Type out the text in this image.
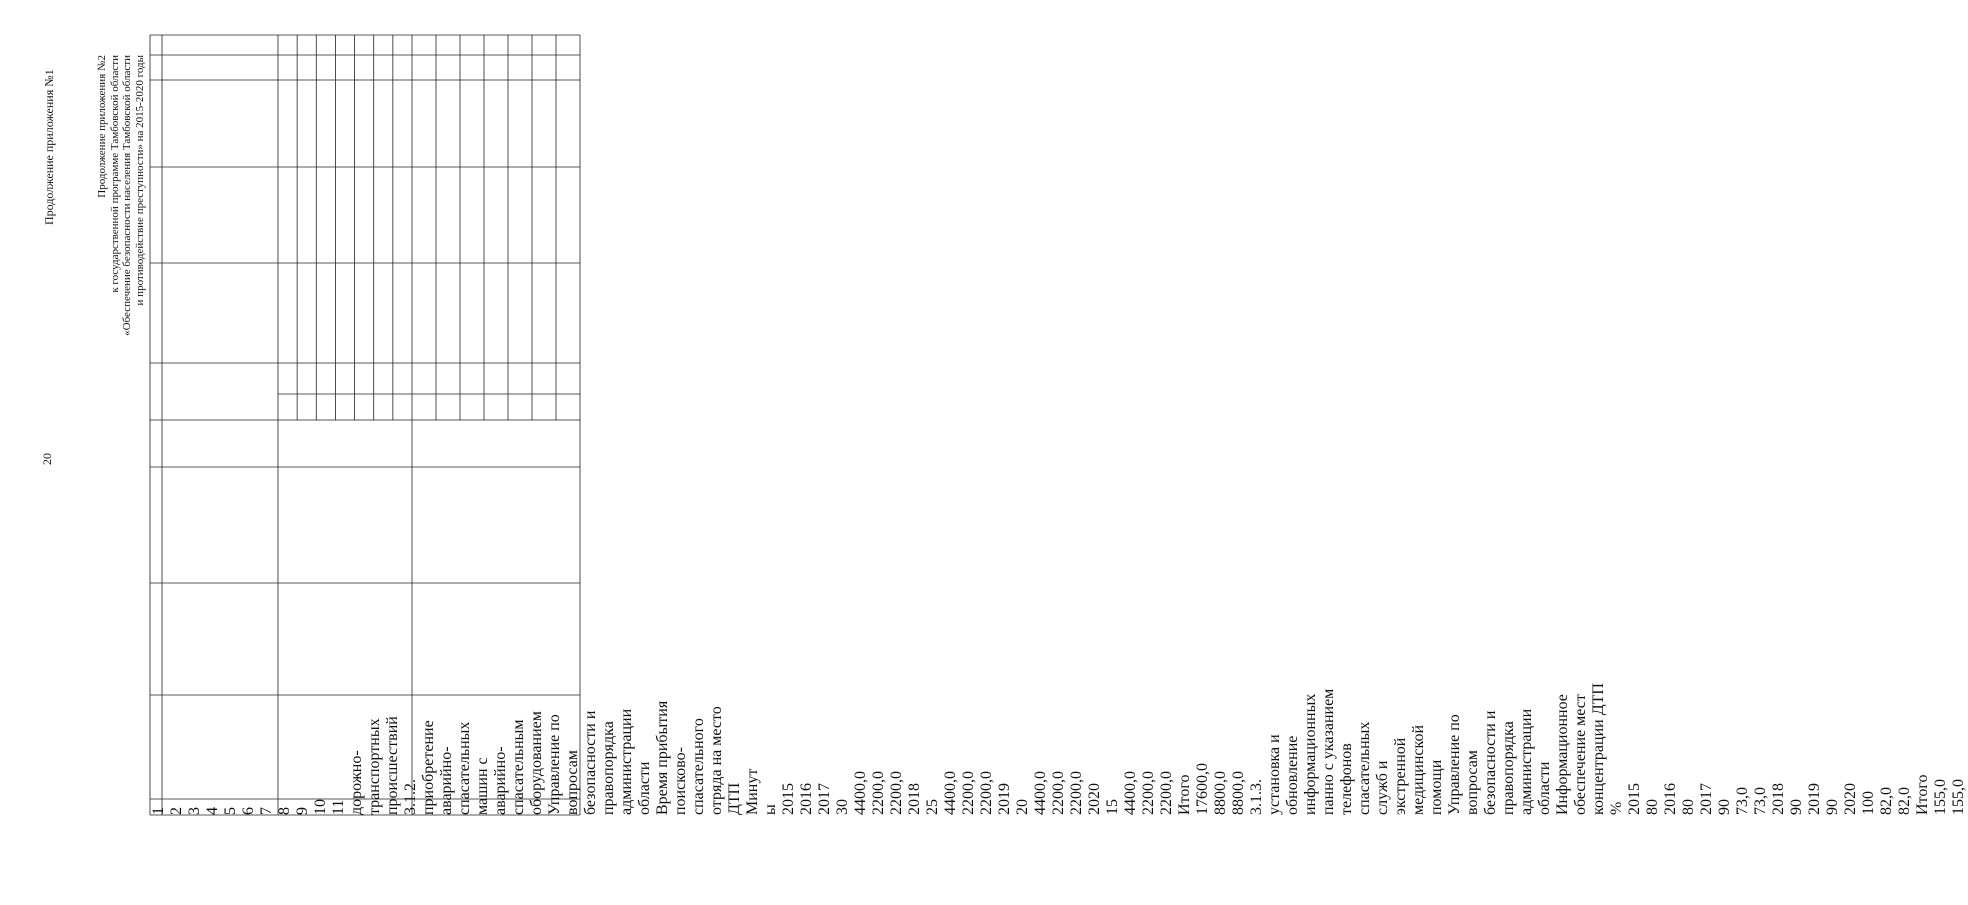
20
Продолжение приложения №1	Продолжение приложения №2 к государственной программе Тамбовской области «Обеспечение безопасности населения Тамбовской области и противодействие преступности» на 2015-2020 годы
1 2 3 4 5 6 7 8 9 10 11 дорожно- транспортных происшествий 3.1.2. приобретение аварийно- спасательных машин с аварийно- спасательным оборудованием Управление по вопросам безопасности и правопорядка администрации области Время прибытия поисково- спасательного отряда на место ДТП Минут ы 2015 2016 2017 30 4400,0 2200,0 2200,0 2018 25 4400,0 2200,0 2200,0 2019 20 4400,0 2200,0 2200,0 2020 15 4400,0 2200,0 2200,0 Итого 17600,0 8800,0 8800,0 3.1.3. установка и обновление информационных панно с указанием телефонов спасательных служб и экстренной медицинской помощи Управление по вопросам безопасности и правопорядка администрации области Информационное обеспечение мест концентрации ДТП % 2015 80 2016 80 2017 90 73,0 73,0 2018 90 2019 90 2020 100 82,0 82,0 Итого 155,0 155,0
